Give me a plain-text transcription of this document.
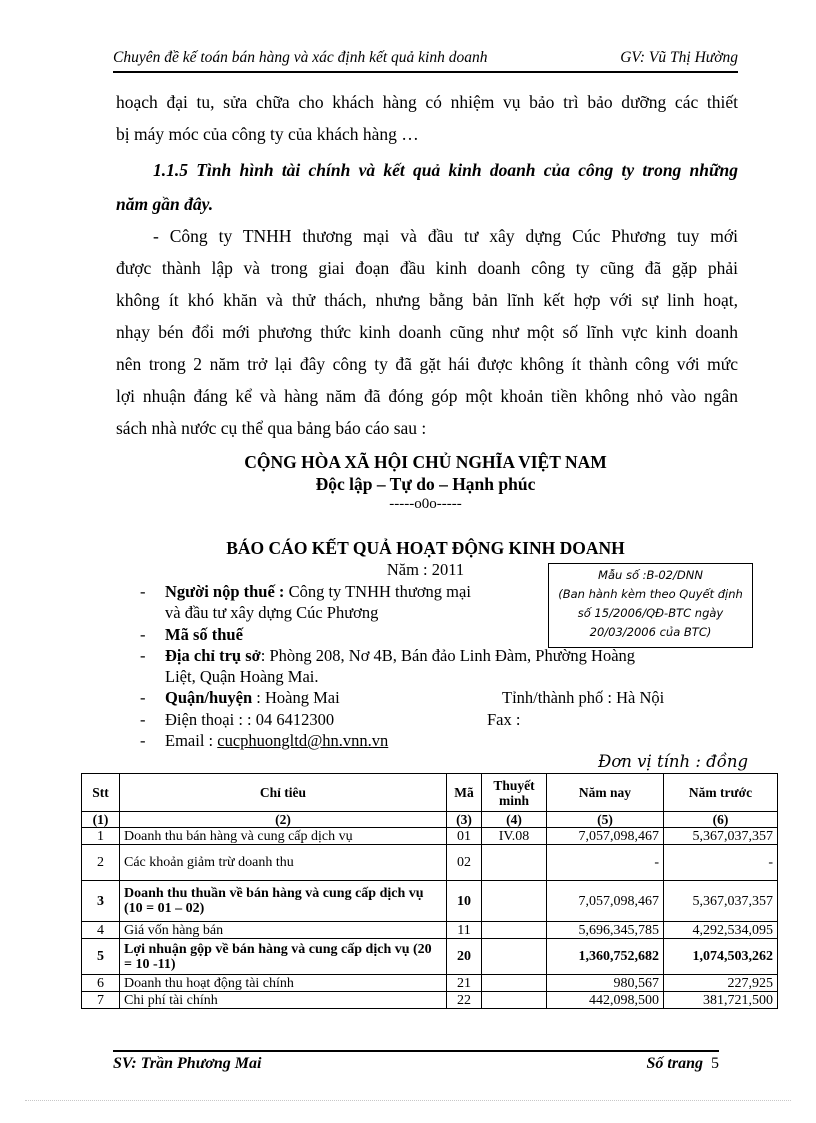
Chuyên đề kế toán bán hàng và xác định kết quả kinh doanh	GV: Vũ Thị Hường
hoạch đại tu, sửa chữa cho khách hàng có nhiệm vụ bảo trì bảo dưỡng các thiết
bị máy móc của công ty của khách hàng …
1.1.5 Tình hình tài chính và kết quả kinh doanh của công ty trong những
năm gần đây.
- Công ty TNHH thương mại và đầu tư xây dựng Cúc Phương tuy mới
được thành lập và trong giai đoạn đầu kinh doanh công ty cũng đã gặp phải
không ít khó khăn và thử thách, nhưng bằng bản lĩnh kết hợp với sự linh hoạt,
nhạy bén đổi mới phương thức kinh doanh cũng như một số lĩnh vực kinh doanh
nên trong 2 năm trở lại đây công ty đã gặt hái được không ít thành công với mức
lợi nhuận đáng kể và hàng năm đã đóng góp một khoản tiền không nhỏ vào ngân
sách nhà nước cụ thể qua bảng báo cáo sau :
CỘNG HÒA XÃ HỘI CHỦ NGHĨA VIỆT NAM
Độc lập – Tự do – Hạnh phúc
-----o0o-----
BÁO CÁO KẾT QUẢ HOẠT ĐỘNG KINH DOANH
Năm : 2011	Mẫu số :B-02/DNN
(Ban hành kèm theo Quyết định
số 15/2006/QĐ-BTC ngày
20/03/2006 của BTC)
- Người nộp thuế : Công ty TNHH thương mại
và đầu tư xây dựng Cúc Phương
- Mã số thuế
- Địa chỉ trụ sở: Phòng 208, Nơ 4B, Bán đảo Linh Đàm, Phường Hoàng
Liệt, Quận Hoàng Mai.
- Quận/huyện : Hoàng Mai	Tỉnh/thành phố : Hà Nội
- Điện thoại : : 04 6412300	Fax :
- Email : cucphuongltd@hn.vnn.vn
Đơn vị tính : đồng
Stt	Chỉ tiêu	Mã	Thuyết minh	Năm nay	Năm trước
(1)	(2)	(3)	(4)	(5)	(6)
1	Doanh thu bán hàng và cung cấp dịch vụ	01	IV.08	7,057,098,467	5,367,037,357
2	Các khoản giảm trừ doanh thu	02		-	-
3	Doanh thu thuần về bán hàng và cung cấp dịch vụ (10 = 01 – 02)	10		7,057,098,467	5,367,037,357
4	Giá vốn hàng bán	11		5,696,345,785	4,292,534,095
5	Lợi nhuận gộp về bán hàng và cung cấp dịch vụ (20 = 10 -11)	20		1,360,752,682	1,074,503,262
6	Doanh thu hoạt động tài chính	21		980,567	227,925
7	Chi phí tài chính	22		442,098,500	381,721,500
SV: Trần Phương Mai	Số trang 5
